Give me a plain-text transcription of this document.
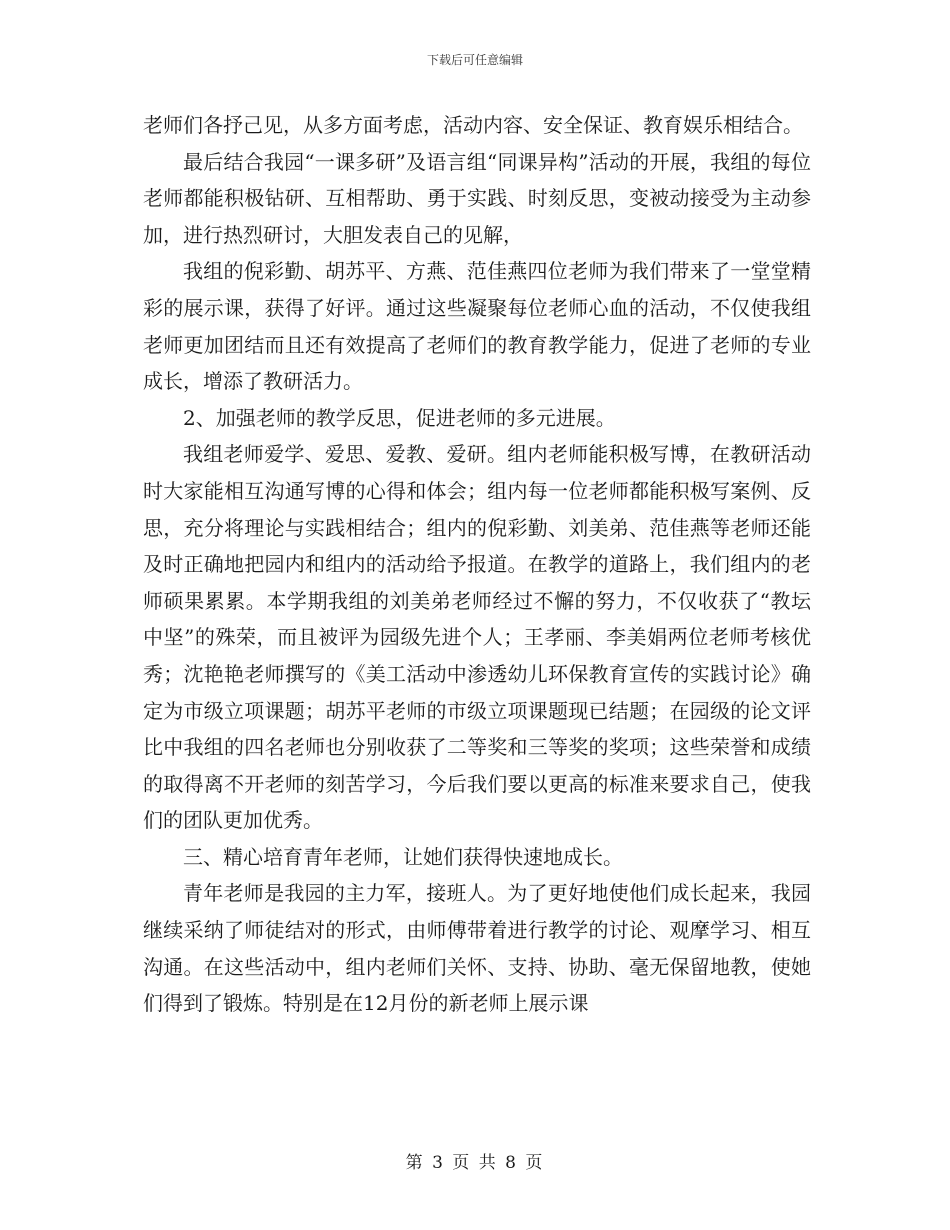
下载后可任意编辑

老师们各抒己见，从多方面考虑，活动内容、安全保证、教育娱乐相结合。

最后结合我园“一课多研”及语言组“同课异构”活动的开展，我组的每位老师都能积极钻研、互相帮助、勇于实践、时刻反思，变被动接受为主动参加，进行热烈研讨，大胆发表自己的见解，

我组的倪彩勤、胡苏平、方燕、范佳燕四位老师为我们带来了一堂堂精彩的展示课，获得了好评。通过这些凝聚每位老师心血的活动，不仅使我组老师更加团结而且还有效提高了老师们的教育教学能力，促进了老师的专业成长，增添了教研活力。

2、加强老师的教学反思，促进老师的多元进展。

我组老师爱学、爱思、爱教、爱研。组内老师能积极写博，在教研活动时大家能相互沟通写博的心得和体会；组内每一位老师都能积极写案例、反思，充分将理论与实践相结合；组内的倪彩勤、刘美弟、范佳燕等老师还能及时正确地把园内和组内的活动给予报道。在教学的道路上，我们组内的老师硕果累累。本学期我组的刘美弟老师经过不懈的努力，不仅收获了“教坛中坚”的殊荣，而且被评为园级先进个人；王孝丽、李美娟两位老师考核优秀；沈艳艳老师撰写的《美工活动中渗透幼儿环保教育宣传的实践讨论》确定为市级立项课题；胡苏平老师的市级立项课题现已结题；在园级的论文评比中我组的四名老师也分别收获了二等奖和三等奖的奖项；这些荣誉和成绩的取得离不开老师的刻苦学习，今后我们要以更高的标准来要求自己，使我们的团队更加优秀。

三、精心培育青年老师，让她们获得快速地成长。

青年老师是我园的主力军，接班人。为了更好地使他们成长起来，我园继续采纳了师徒结对的形式，由师傅带着进行教学的讨论、观摩学习、相互沟通。在这些活动中，组内老师们关怀、支持、协助、毫无保留地教，使她们得到了锻炼。特别是在12月份的新老师上展示课

第 3 页 共 8 页
